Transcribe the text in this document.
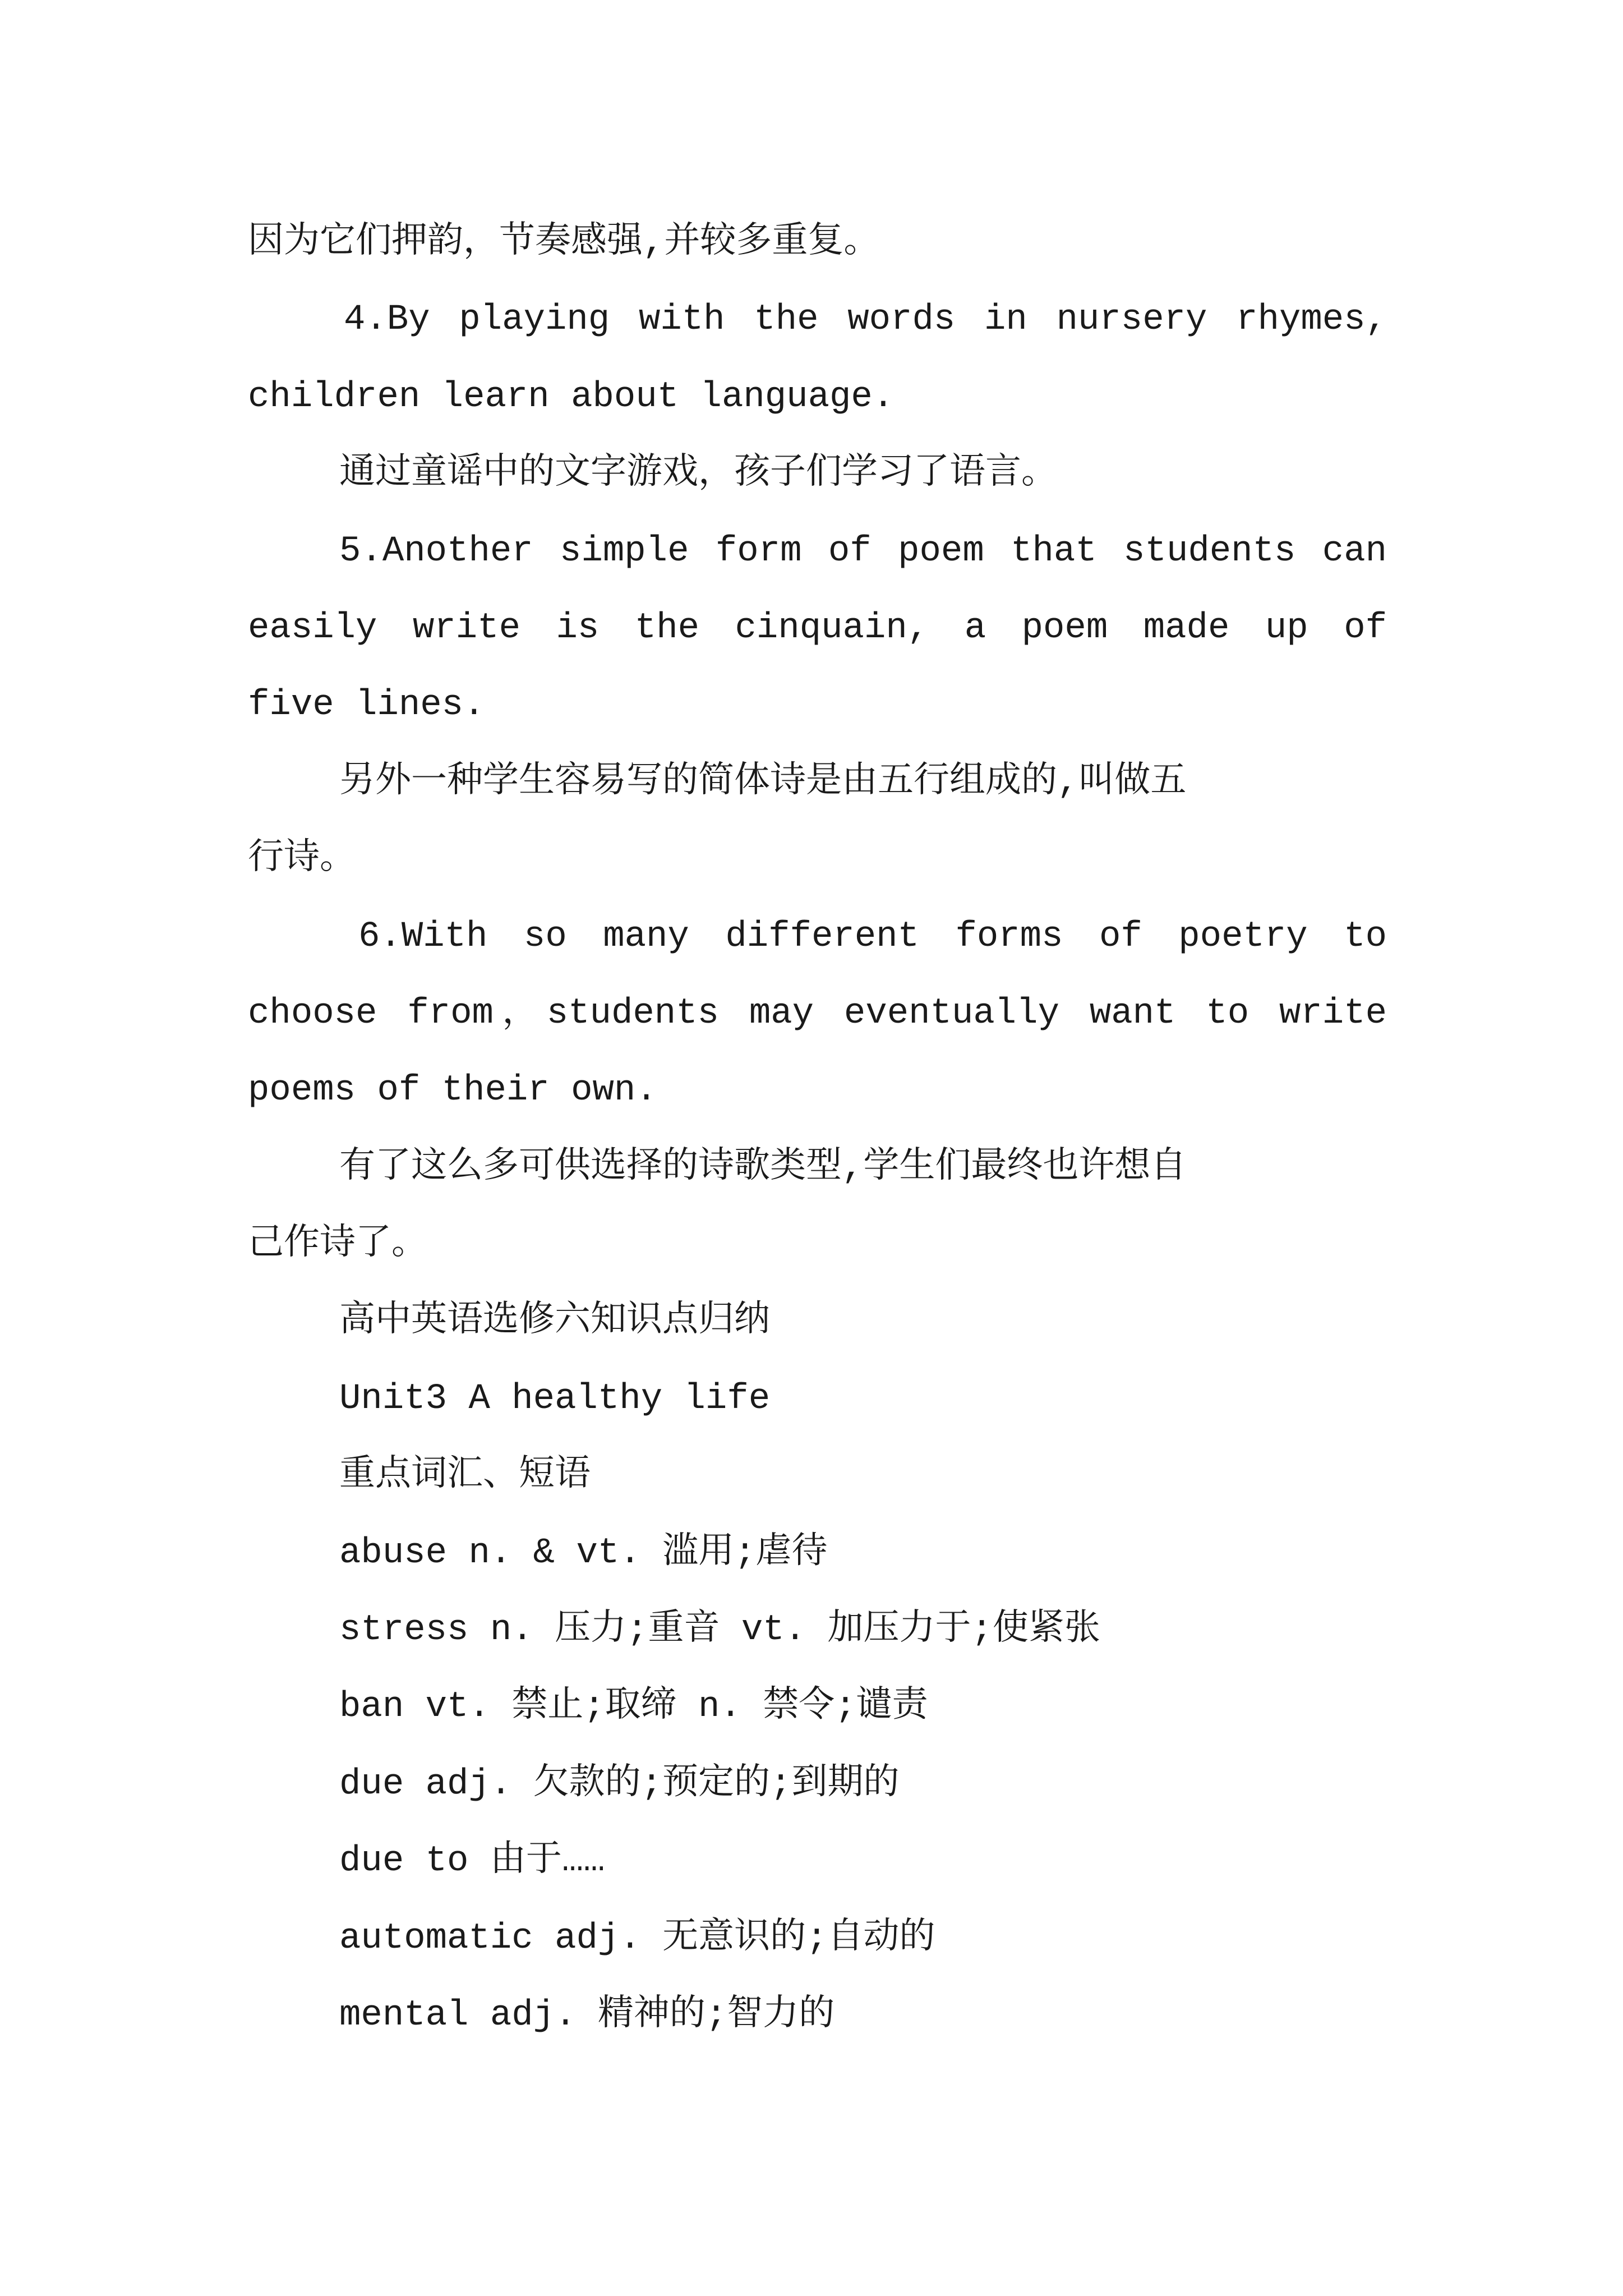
因为它们押韵，节奏感强,并较多重复。
4.By playing with the words in nursery rhymes,
children learn about language.
通过童谣中的文字游戏，孩子们学习了语言。
5.Another simple form of poem that students can
easily write is the cinquain, a poem made up of
five lines.
另外一种学生容易写的简体诗是由五行组成的,叫做五
行诗。
6.With so many different forms of poetry to
choose from，students may eventually want to write
poems of their own.
有了这么多可供选择的诗歌类型,学生们最终也许想自
己作诗了。
高中英语选修六知识点归纳
Unit3 A healthy life
重点词汇、短语
abuse n. & vt. 滥用;虐待
stress n. 压力;重音 vt. 加压力于;使紧张
ban vt. 禁止;取缔 n. 禁令;谴责
due adj. 欠款的;预定的;到期的
due to 由于……
automatic adj. 无意识的;自动的
mental adj. 精神的;智力的
